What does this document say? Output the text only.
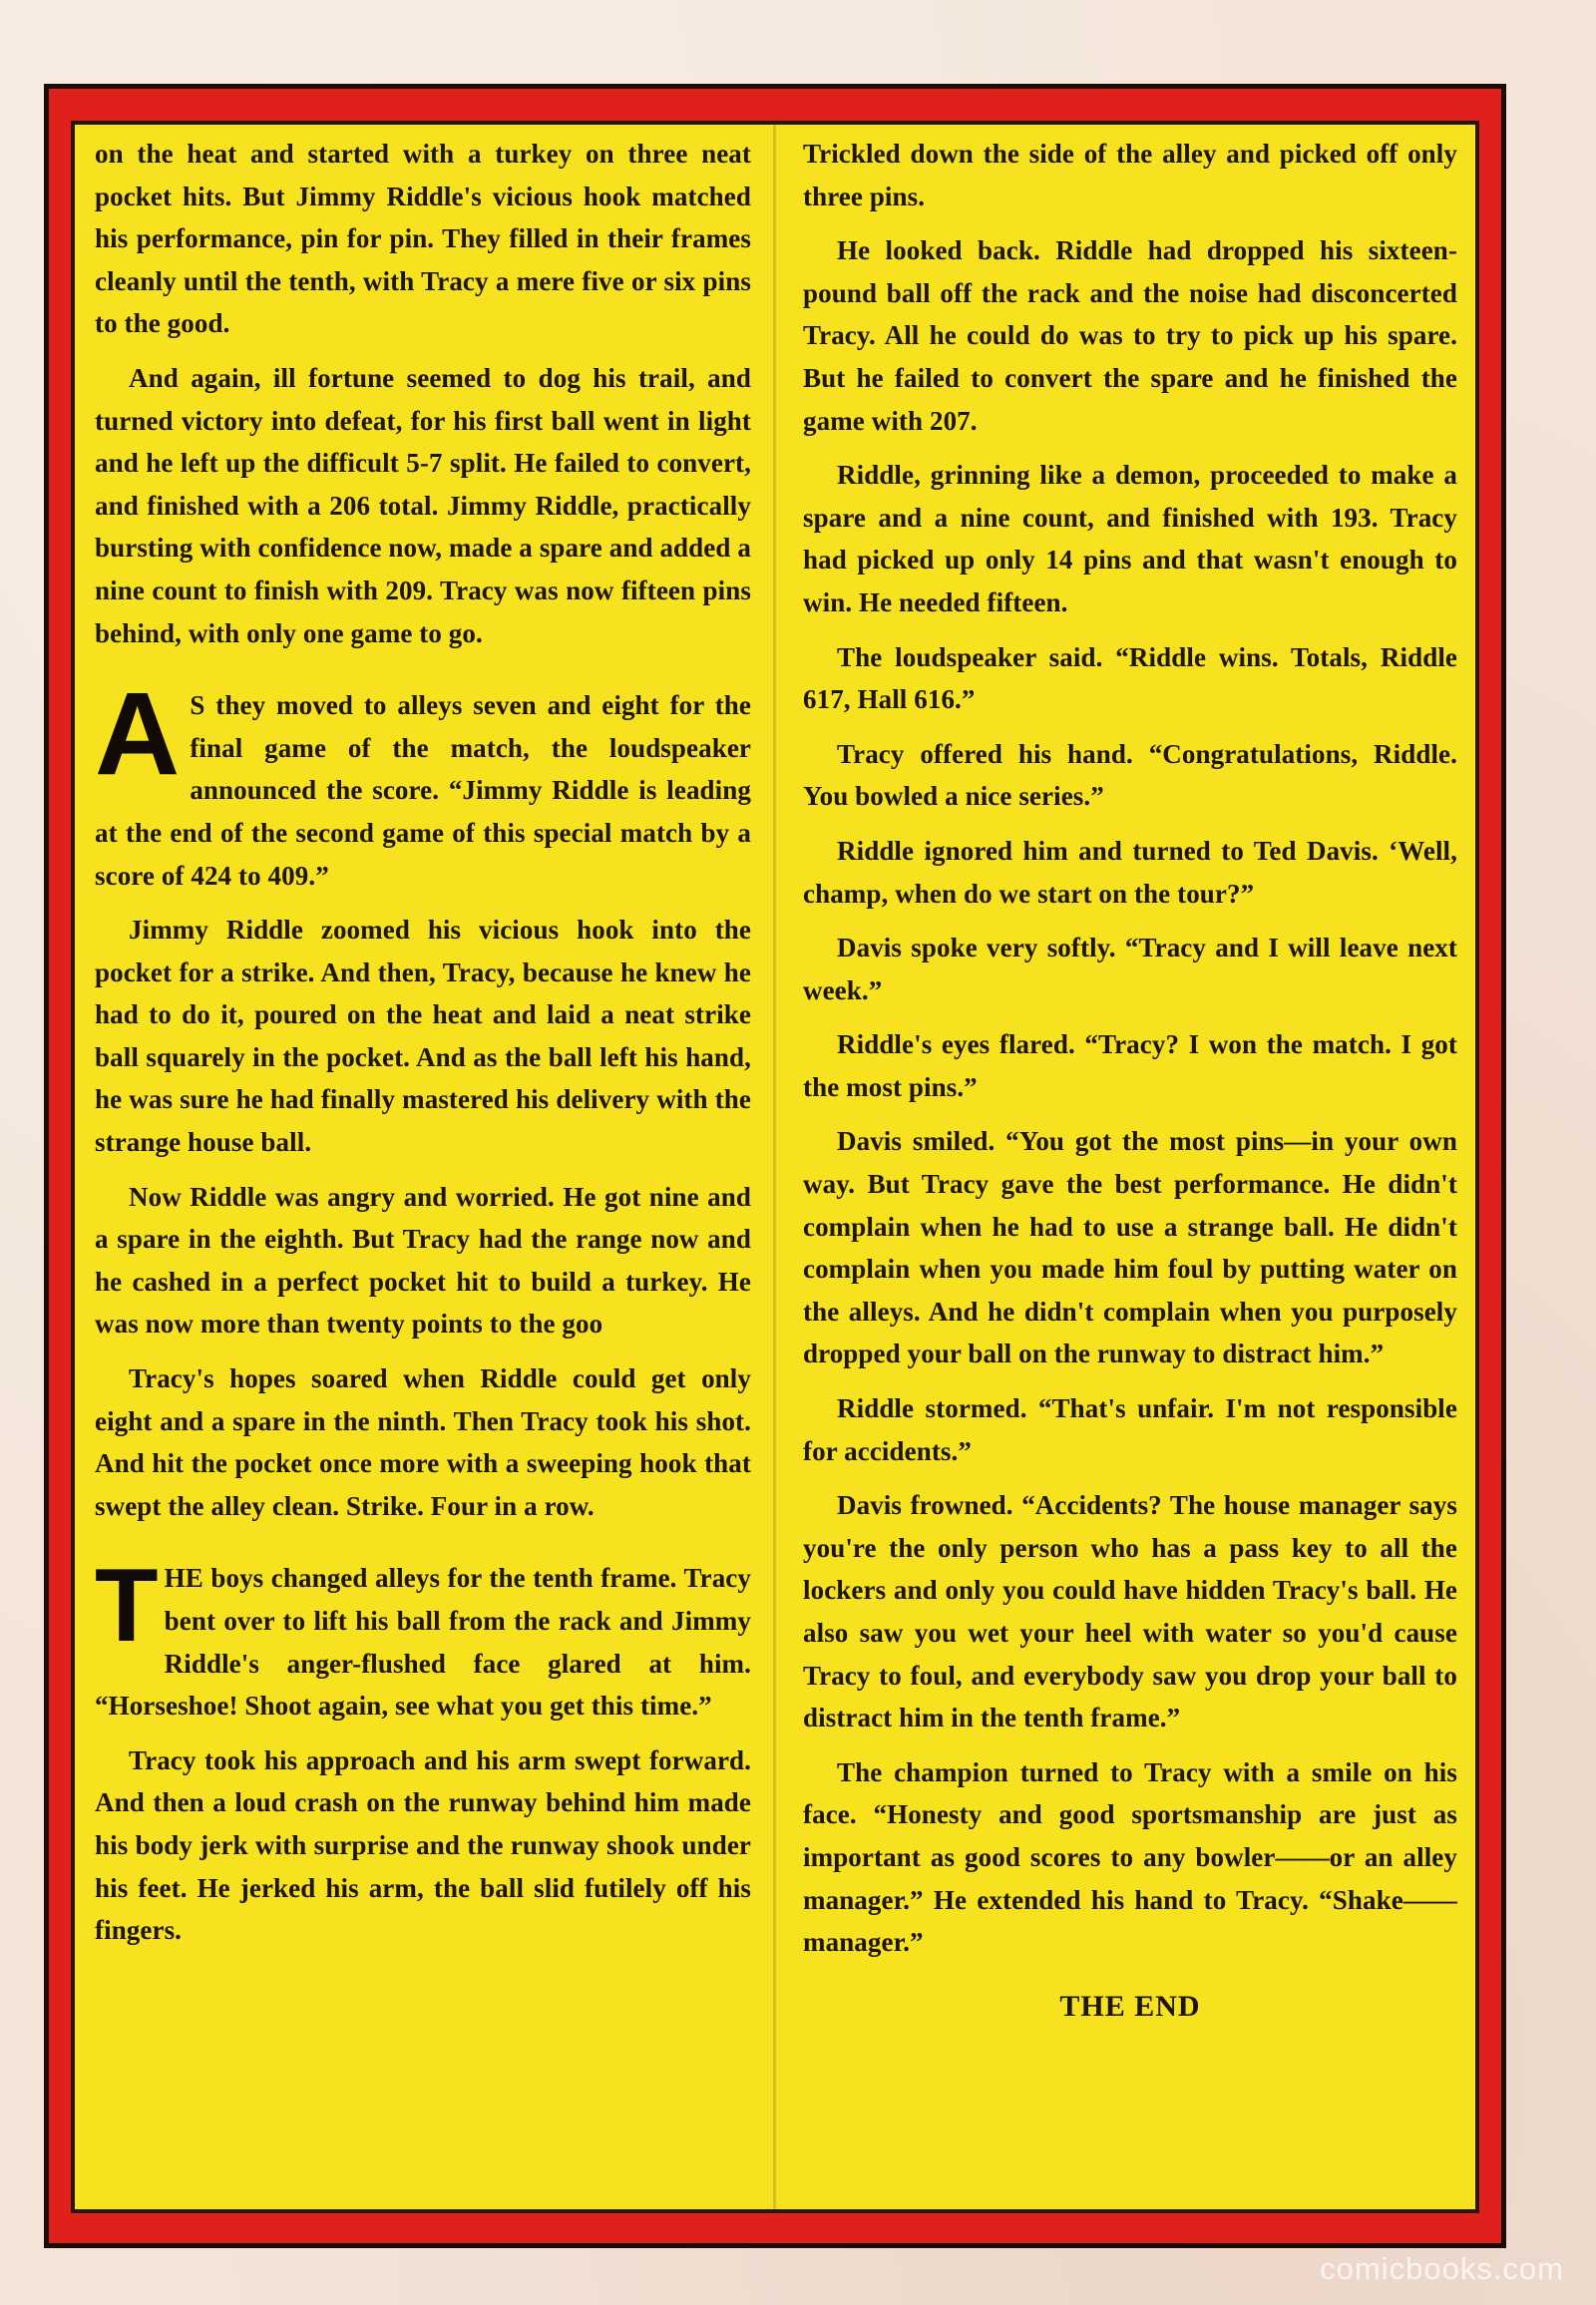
on the heat and started with a turkey on three neat pocket hits. But Jimmy Riddle's vicious hook matched his performance, pin for pin. They filled in their frames cleanly until the tenth, with Tracy a mere five or six pins to the good.

And again, ill fortune seemed to dog his trail, and turned victory into defeat, for his first ball went in light and he left up the difficult 5-7 split. He failed to convert, and finished with a 206 total. Jimmy Riddle, practically bursting with confidence now, made a spare and added a nine count to finish with 209. Tracy was now fifteen pins behind, with only one game to go.

A S they moved to alleys seven and eight for the final game of the match, the loudspeaker announced the score. “Jimmy Riddle is leading at the end of the second game of this special match by a score of 424 to 409.”

Jimmy Riddle zoomed his vicious hook into the pocket for a strike. And then, Tracy, because he knew he had to do it, poured on the heat and laid a neat strike ball squarely in the pocket. And as the ball left his hand, he was sure he had finally mastered his delivery with the strange house ball.

Now Riddle was angry and worried. He got nine and a spare in the eighth. But Tracy had the range now and he cashed in a perfect pocket hit to build a turkey. He was now more than twenty points to the goo

Tracy's hopes soared when Riddle could get only eight and a spare in the ninth. Then Tracy took his shot. And hit the pocket once more with a sweeping hook that swept the alley clean. Strike. Four in a row.

THE boys changed alleys for the tenth frame. Tracy bent over to lift his ball from the rack and Jimmy Riddle's anger-flushed face glared at him. “Horseshoe! Shoot again, see what you get this time.”

Tracy took his approach and his arm swept forward. And then a loud crash on the runway behind him made his body jerk with surprise and the runway shook under his feet. He jerked his arm, the ball slid futilely off his fingers.

Trickled down the side of the alley and picked off only three pins.

He looked back. Riddle had dropped his sixteen-pound ball off the rack and the noise had disconcerted Tracy. All he could do was to try to pick up his spare. But he failed to convert the spare and he finished the game with 207.

Riddle, grinning like a demon, proceeded to make a spare and a nine count, and finished with 193. Tracy had picked up only 14 pins and that wasn't enough to win. He needed fifteen.

The loudspeaker said. “Riddle wins. Totals, Riddle 617, Hall 616.”

Tracy offered his hand. “Congratulations, Riddle. You bowled a nice series.”

Riddle ignored him and turned to Ted Davis. ‘Well, champ, when do we start on the tour?”

Davis spoke very softly. “Tracy and I will leave next week.”

Riddle's eyes flared. “Tracy? I won the match. I got the most pins.”

Davis smiled. “You got the most pins—in your own way. But Tracy gave the best performance. He didn't complain when he had to use a strange ball. He didn't complain when you made him foul by putting water on the alleys. And he didn't complain when you purposely dropped your ball on the runway to distract him.”

Riddle stormed. “That's unfair. I'm not responsible for accidents.”

Davis frowned. “Accidents? The house manager says you're the only person who has a pass key to all the lockers and only you could have hidden Tracy's ball. He also saw you wet your heel with water so you'd cause Tracy to foul, and everybody saw you drop your ball to distract him in the tenth frame.”

The champion turned to Tracy with a smile on his face. “Honesty and good sportsmanship are just as important as good scores to any bowler——or an alley manager.” He extended his hand to Tracy. “Shake——manager.”

THE END
comicbooks.com
